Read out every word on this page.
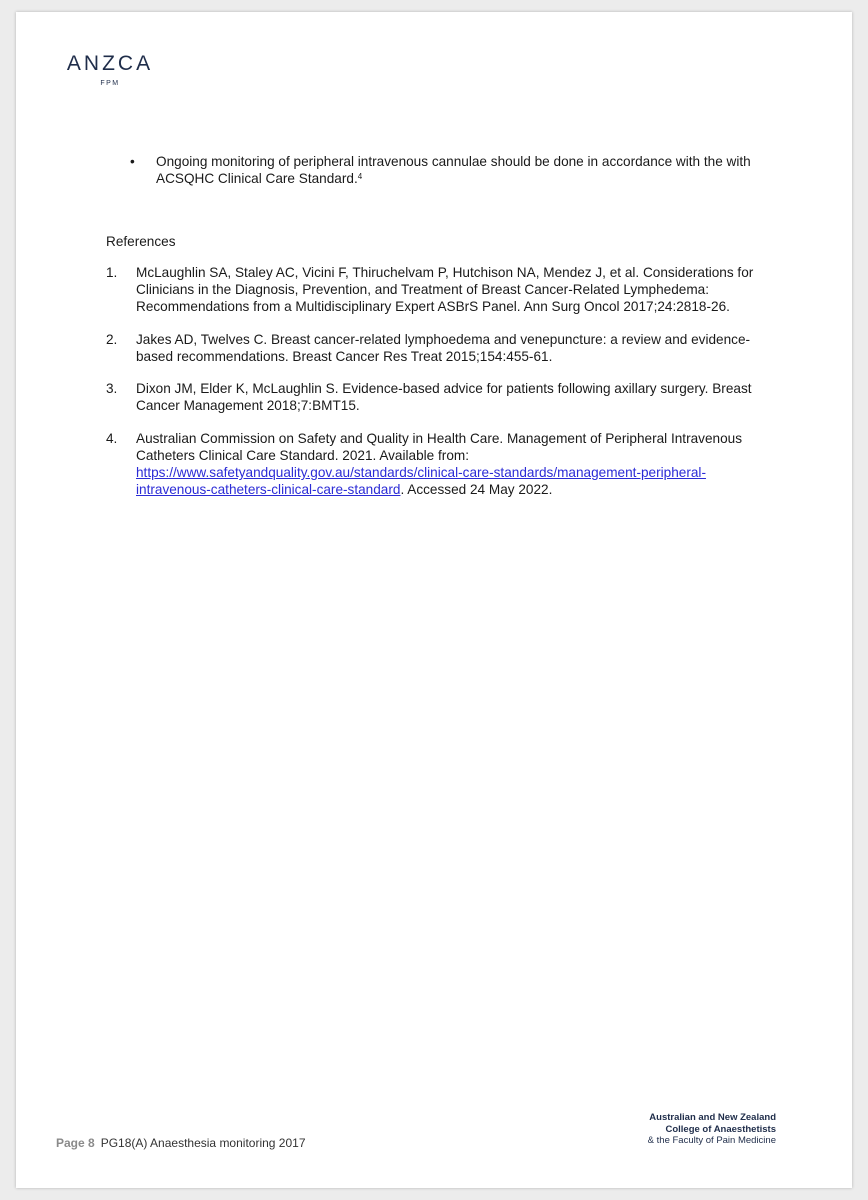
ANZCA
FPM
• Ongoing monitoring of peripheral intravenous cannulae should be done in accordance with the with
ACSQHC Clinical Care Standard.$^4$
References
1. McLaughlin SA, Staley AC, Vicini F, Thiruchelvam P, Hutchison NA, Mendez J, et al. Considerations for
Clinicians in the Diagnosis, Prevention, and Treatment of Breast Cancer-Related Lymphedema:
Recommendations from a Multidisciplinary Expert ASBrS Panel. Ann Surg Oncol 2017;24:2818-26.
2. Jakes AD, Twelves C. Breast cancer-related lymphoedema and venepuncture: a review and evidence-
based recommendations. Breast Cancer Res Treat 2015;154:455-61.
3. Dixon JM, Elder K, McLaughlin S. Evidence-based advice for patients following axillary surgery. Breast
Cancer Management 2018;7:BMT15.
4. Australian Commission on Safety and Quality in Health Care. Management of Peripheral Intravenous
Catheters Clinical Care Standard. 2021. Available from:
https://www.safetyandquality.gov.au/standards/clinical-care-standards/management-peripheral-
intravenous-catheters-clinical-care-standard. Accessed 24 May 2022.
Page 8 PG18(A) Anaesthesia monitoring 2017
Australian and New Zealand
College of Anaesthetists
& the Faculty of Pain Medicine
